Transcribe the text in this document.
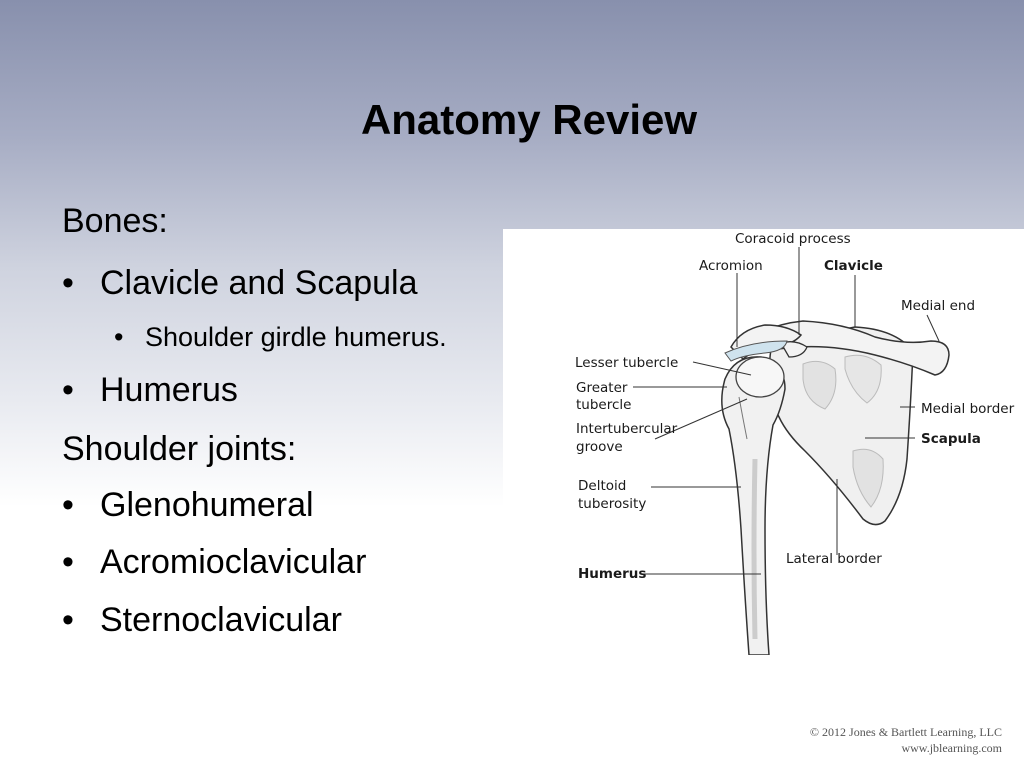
Anatomy Review
Bones:
• Clavicle and Scapula
• Shoulder girdle humerus.
• Humerus
Shoulder joints:
• Glenohumeral
• Acromioclavicular
• Sternoclavicular
Coracoid process
Acromion	Clavicle
Medial end
Lesser tubercle
Greater
tubercle
Intertubercular
groove
Medial border
Scapula
Deltoid
tuberosity
Lateral border
Humerus
© 2012 Jones & Bartlett Learning, LLC
www.jblearning.com
